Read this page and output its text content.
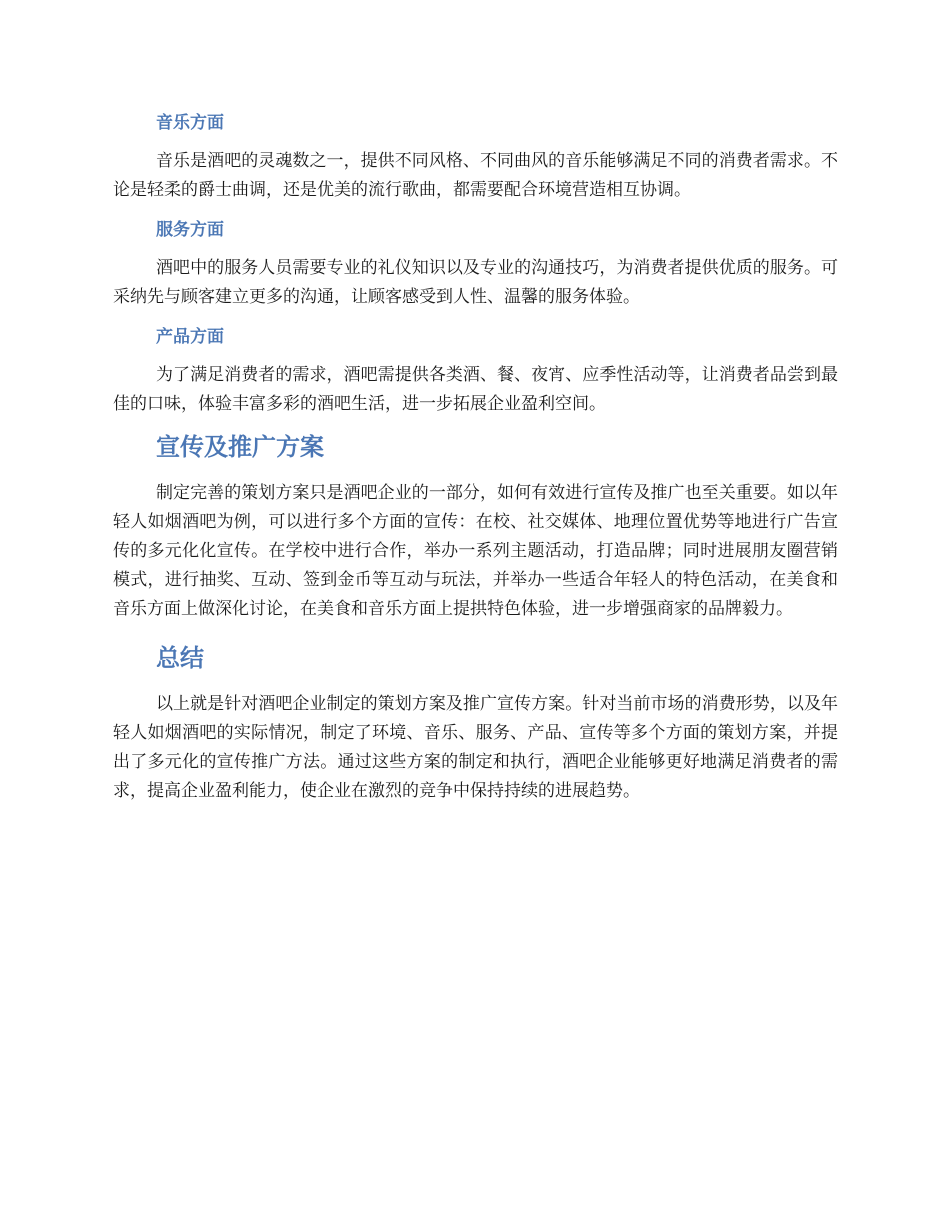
音乐方面

音乐是酒吧的灵魂数之一，提供不同风格、不同曲风的音乐能够满足不同的消费者需求。不论是轻柔的爵士曲调，还是优美的流行歌曲，都需要配合环境营造相互协调。

服务方面

酒吧中的服务人员需要专业的礼仪知识以及专业的沟通技巧，为消费者提供优质的服务。可采纳先与顾客建立更多的沟通，让顾客感受到人性、温馨的服务体验。

产品方面

为了满足消费者的需求，酒吧需提供各类酒、餐、夜宵、应季性活动等，让消费者品尝到最佳的口味，体验丰富多彩的酒吧生活，进一步拓展企业盈利空间。

宣传及推广方案

制定完善的策划方案只是酒吧企业的一部分，如何有效进行宣传及推广也至关重要。如以年轻人如烟酒吧为例，可以进行多个方面的宣传：在校、社交媒体、地理位置优势等地进行广告宣传的多元化化宣传。在学校中进行合作，举办一系列主题活动，打造品牌；同时进展朋友圈营销模式，进行抽奖、互动、签到金币等互动与玩法，并举办一些适合年轻人的特色活动，在美食和音乐方面上做深化讨论，在美食和音乐方面上提拱特色体验，进一步增强商家的品牌毅力。

总结

以上就是针对酒吧企业制定的策划方案及推广宣传方案。针对当前市场的消费形势，以及年轻人如烟酒吧的实际情况，制定了环境、音乐、服务、产品、宣传等多个方面的策划方案，并提出了多元化的宣传推广方法。通过这些方案的制定和执行，酒吧企业能够更好地满足消费者的需求，提高企业盈利能力，使企业在激烈的竞争中保持持续的进展趋势。
